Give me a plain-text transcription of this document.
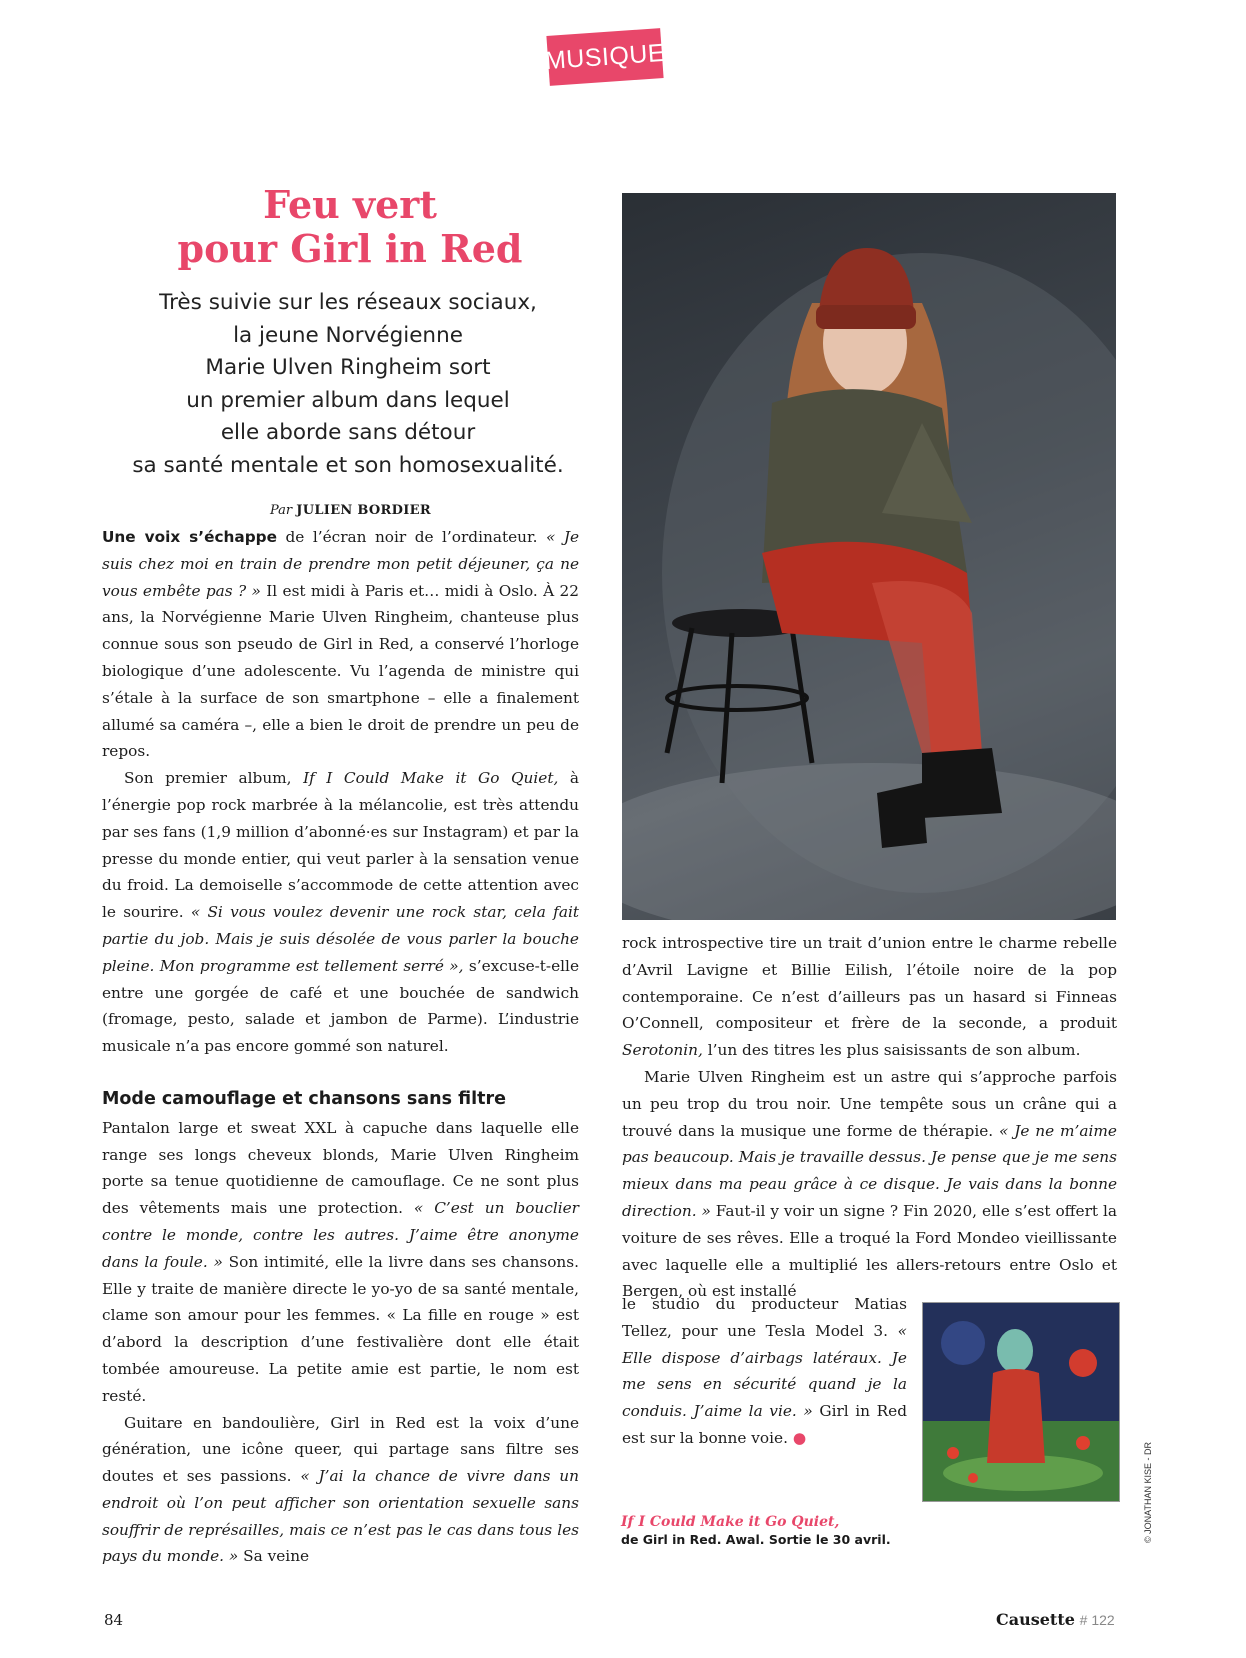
MUSIQUE
Feu vert
pour Girl in Red
Très suivie sur les réseaux sociaux,
la jeune Norvégienne
Marie Ulven Ringheim sort
un premier album dans lequel
elle aborde sans détour
sa santé mentale et son homosexualité.
Par JULIEN BORDIER

Une voix s’échappe de l’écran noir de l’ordinateur. « Je suis chez moi en train de prendre mon petit déjeuner, ça ne vous embête pas ? » Il est midi à Paris et… midi à Oslo. À 22 ans, la Norvégienne Marie Ulven Ringheim, chanteuse plus connue sous son pseudo de Girl in Red, a conservé l’horloge biologique d’une adolescente. Vu l’agenda de ministre qui s’étale à la surface de son smartphone – elle a finalement allumé sa caméra –, elle a bien le droit de prendre un peu de repos.

Son premier album, If I Could Make it Go Quiet, à l’énergie pop rock marbrée à la mélancolie, est très attendu par ses fans (1,9 million d’abonné·es sur Instagram) et par la presse du monde entier, qui veut parler à la sensation venue du froid. La demoiselle s’accommode de cette attention avec le sourire. « Si vous voulez devenir une rock star, cela fait partie du job. Mais je suis désolée de vous parler la bouche pleine. Mon programme est tellement serré », s’excuse-t-elle entre une gorgée de café et une bouchée de sandwich (fromage, pesto, salade et jambon de Parme). L’industrie musicale n’a pas encore gommé son naturel.

Mode camouflage et chansons sans filtre

Pantalon large et sweat XXL à capuche dans laquelle elle range ses longs cheveux blonds, Marie Ulven Ringheim porte sa tenue quotidienne de camouflage. Ce ne sont plus des vêtements mais une protection. « C’est un bouclier contre le monde, contre les autres. J’aime être anonyme dans la foule. » Son intimité, elle la livre dans ses chansons. Elle y traite de manière directe le yo-yo de sa santé mentale, clame son amour pour les femmes. « La fille en rouge » est d’abord la description d’une festivalière dont elle était tombée amoureuse. La petite amie est partie, le nom est resté.

Guitare en bandoulière, Girl in Red est la voix d’une génération, une icône queer, qui partage sans filtre ses doutes et ses passions. « J’ai la chance de vivre dans un endroit où l’on peut afficher son orientation sexuelle sans souffrir de représailles, mais ce n’est pas le cas dans tous les pays du monde. » Sa veine

rock introspective tire un trait d’union entre le charme rebelle d’Avril Lavigne et Billie Eilish, l’étoile noire de la pop contemporaine. Ce n’est d’ailleurs pas un hasard si Finneas O’Connell, compositeur et frère de la seconde, a produit Serotonin, l’un des titres les plus saisissants de son album.

Marie Ulven Ringheim est un astre qui s’approche parfois un peu trop du trou noir. Une tempête sous un crâne qui a trouvé dans la musique une forme de thérapie. « Je ne m’aime pas beaucoup. Mais je travaille dessus. Je pense que je me sens mieux dans ma peau grâce à ce disque. Je vais dans la bonne direction. » Faut-il y voir un signe ? Fin 2020, elle s’est offert la voiture de ses rêves. Elle a troqué la Ford Mondeo vieillissante avec laquelle elle a multiplié les allers-retours entre Oslo et Bergen, où est installé

le studio du producteur Matias Tellez, pour une Tesla Model 3. « Elle dispose d’airbags latéraux. Je me sens en sécurité quand je la conduis. J’aime la vie. » Girl in Red est sur la bonne voie. ●

If I Could Make it Go Quiet,
de Girl in Red. Awal. Sortie le 30 avril.	© JONATHAN KISE - DR
84	Causette # 122
